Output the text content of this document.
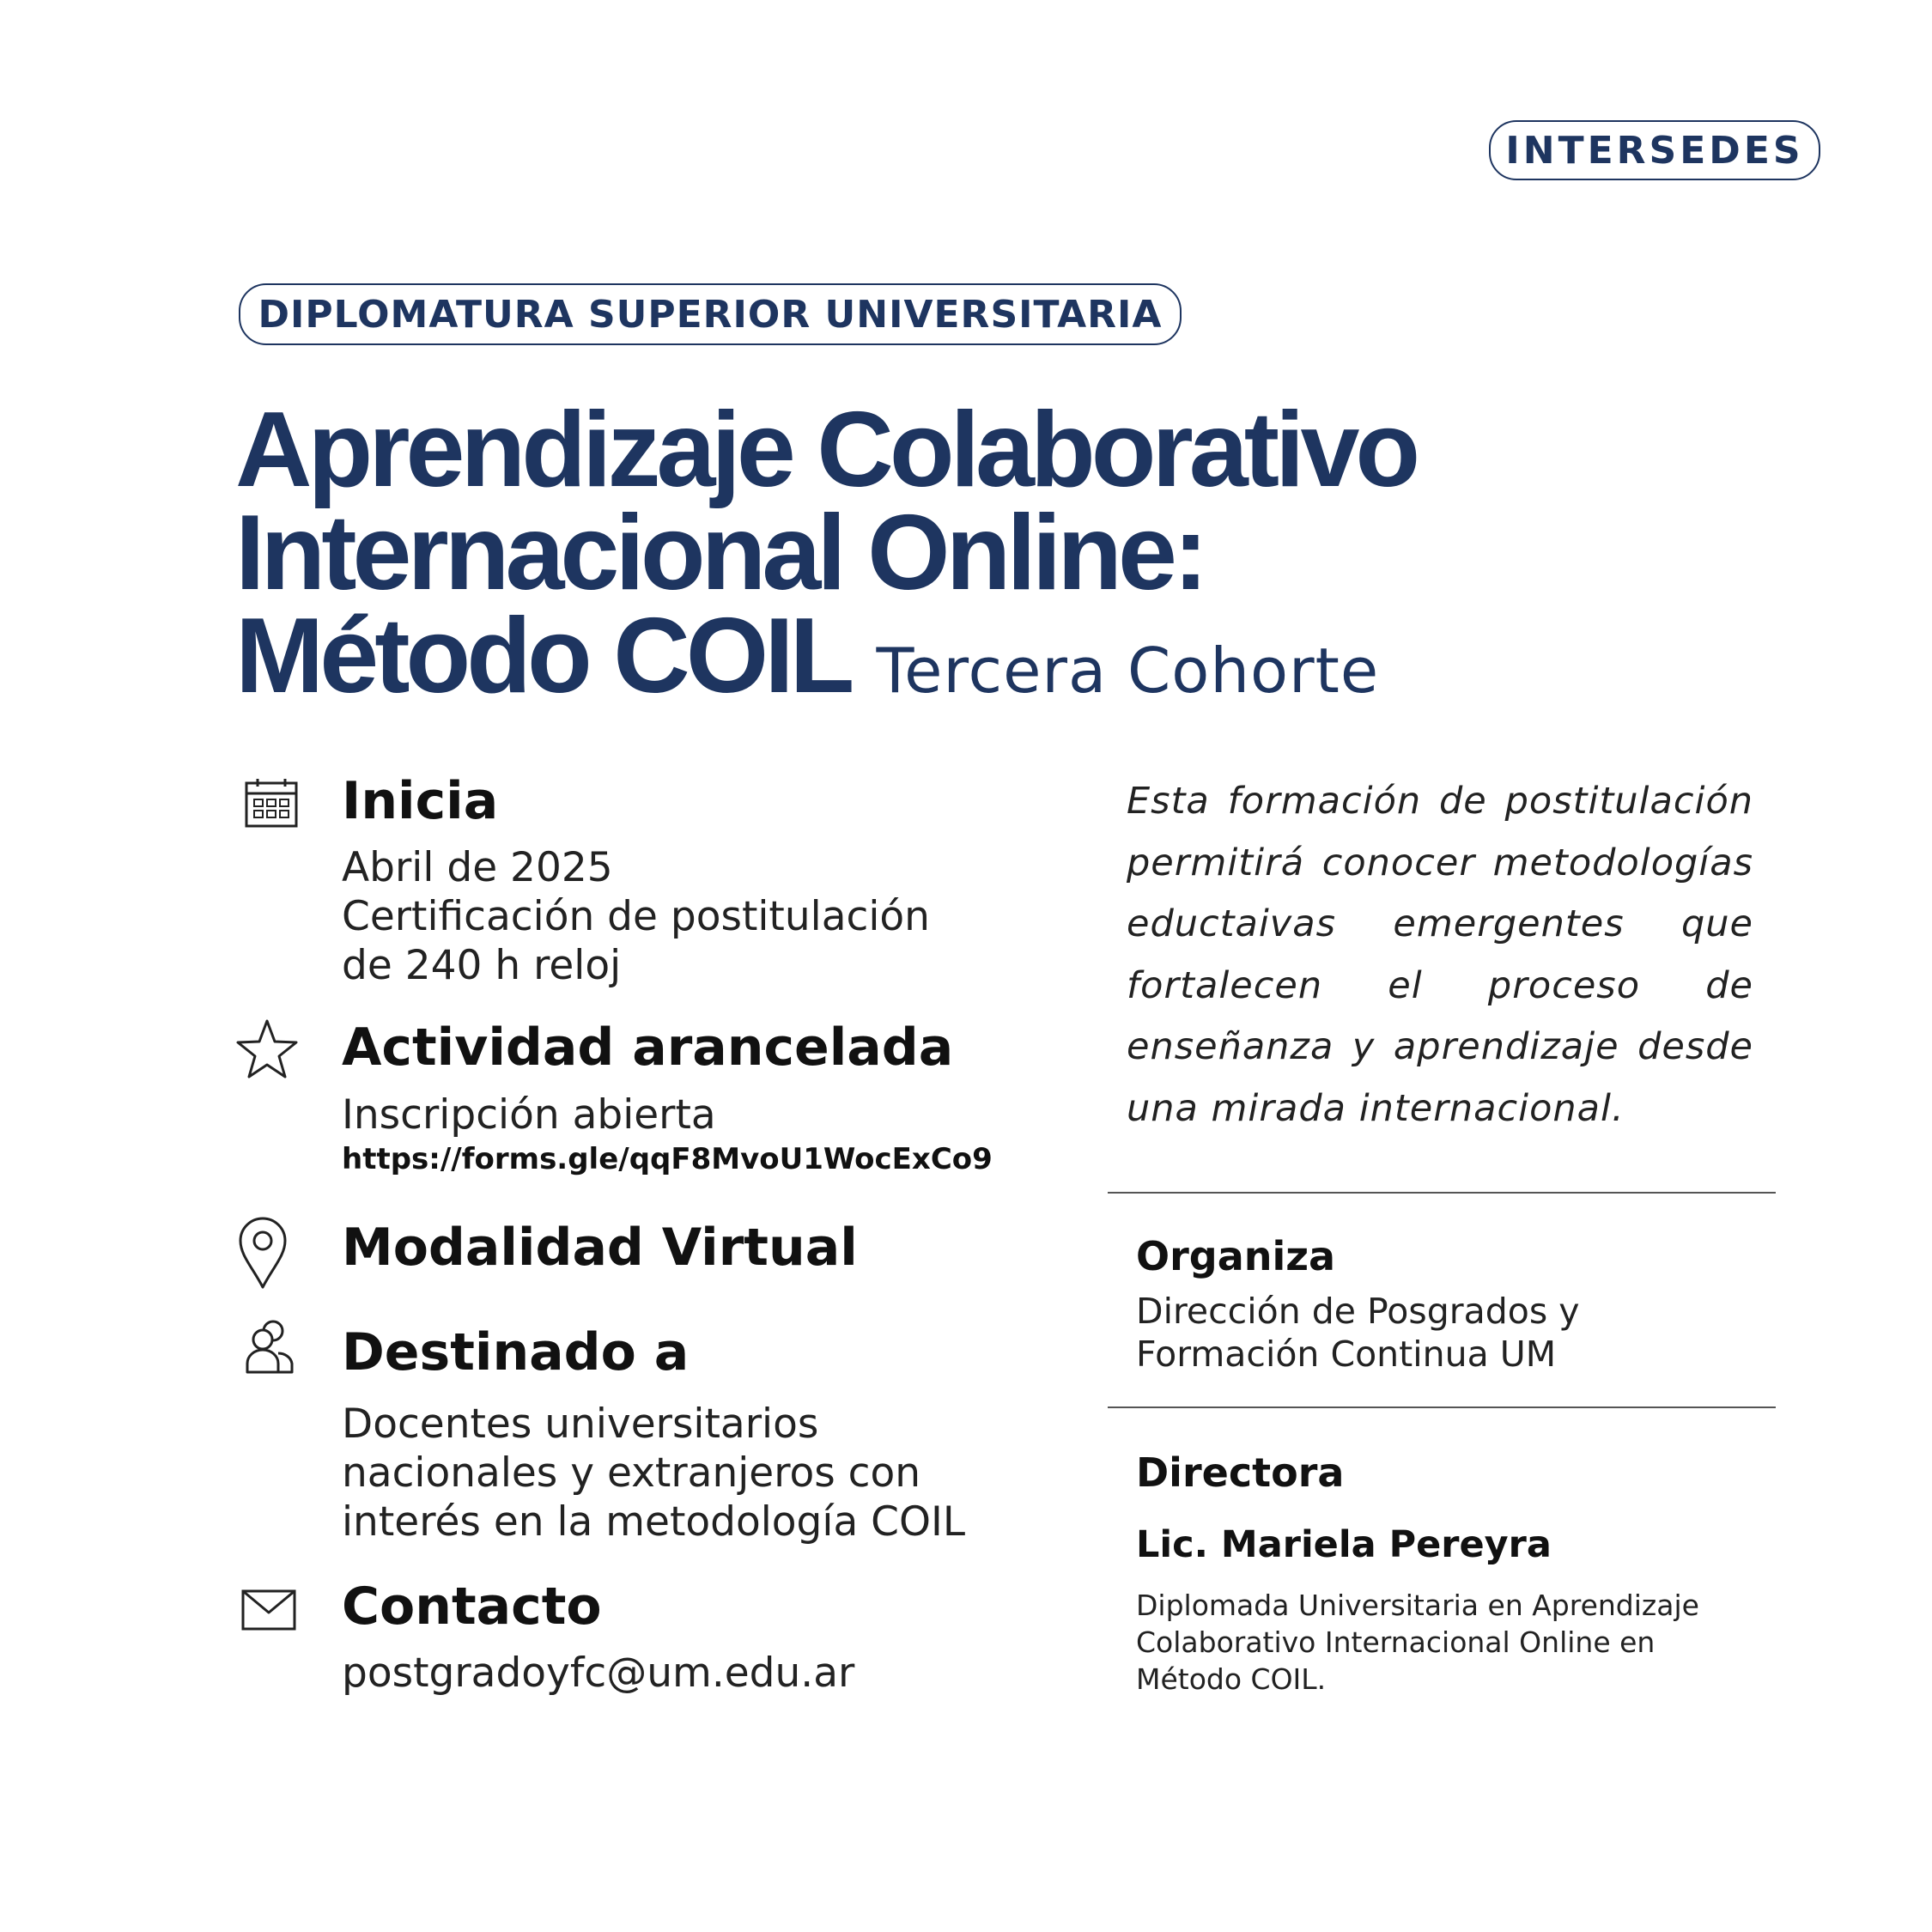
INTERSEDES
DIPLOMATURA SUPERIOR UNIVERSITARIA
Aprendizaje Colaborativo
Internacional Online:
Método COIL Tercera Cohorte
Inicia
Abril de 2025
Certificación de postitulación
de 240 h reloj
Actividad arancelada
Inscripción abierta
https://forms.gle/qqF8MvoU1WocExCo9
Modalidad Virtual
Destinado a
Docentes universitarios
nacionales y extranjeros con
interés en la metodología COIL
Contacto
postgradoyfc@um.edu.ar
Esta formación de postitulación permitirá conocer metodologías eductaivas emergentes que fortalecen el proceso de enseñanza y aprendizaje desde una mirada internacional.
Organiza
Dirección de Posgrados y
Formación Continua UM
Directora
Lic. Mariela Pereyra
Diplomada Universitaria en Aprendizaje
Colaborativo Internacional Online en
Método COIL.
